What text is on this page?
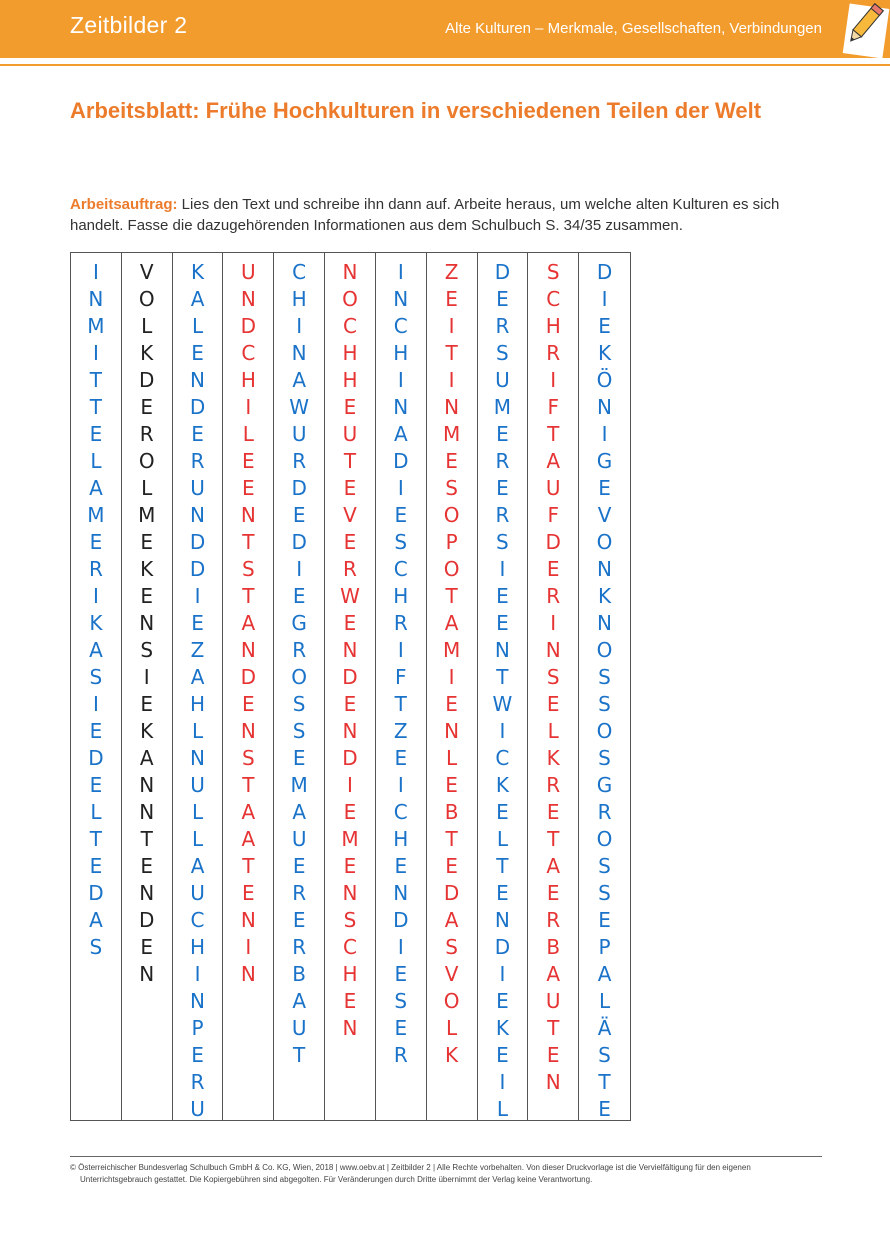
Zeitbilder 2	Alte Kulturen – Merkmale, Gesellschaften, Verbindungen
Arbeitsblatt: Frühe Hochkulturen in verschiedenen Teilen der Welt
Arbeitsauftrag: Lies den Text und schreibe ihn dann auf. Arbeite heraus, um welche alten Kulturen es sich handelt. Fasse die dazugehörenden Informationen aus dem Schulbuch S. 34/35 zusammen.
I
N
M
I
T
T
E
L
A
M
E
R
I
K
A
S
I
E
D
E
L
T
E
D
A
S
V
O
L
K
D
E
R
O
L
M
E
K
E
N
S
I
E
K
A
N
N
T
E
N
D
E
N
K
A
L
E
N
D
E
R
U
N
D
D
I
E
Z
A
H
L
N
U
L
L
A
U
C
H
I
N
P
E
R
U
U
N
D
C
H
I
L
E
E
N
T
S
T
A
N
D
E
N
S
T
A
A
T
E
N
I
N
C
H
I
N
A
W
U
R
D
E
D
I
E
G
R
O
S
S
E
M
A
U
E
R
E
R
B
A
U
T
N
O
C
H
H
E
U
T
E
V
E
R
W
E
N
D
E
N
D
I
E
M
E
N
S
C
H
E
N
I
N
C
H
I
N
A
D
I
E
S
C
H
R
I
F
T
Z
E
I
C
H
E
N
D
I
E
S
E
R
Z
E
I
T
I
N
M
E
S
O
P
O
T
A
M
I
E
N
L
E
B
T
E
D
A
S
V
O
L
K
D
E
R
S
U
M
E
R
E
R
S
I
E
E
N
T
W
I
C
K
E
L
T
E
N
D
I
E
K
E
I
L
S
C
H
R
I
F
T
A
U
F
D
E
R
I
N
S
E
L
K
R
E
T
A
E
R
B
A
U
T
E
N
D
I
E
K
Ö
N
I
G
E
V
O
N
K
N
O
S
S
O
S
G
R
O
S
S
E
P
A
L
Ä
S
T
E
© Österreichischer Bundesverlag Schulbuch GmbH & Co. KG, Wien, 2018 | www.oebv.at | Zeitbilder 2 | Alle Rechte vorbehalten. Von dieser Druckvorlage ist die Vervielfältigung für den eigenen
Unterrichtsgebrauch gestattet. Die Kopiergebühren sind abgegolten. Für Veränderungen durch Dritte übernimmt der Verlag keine Verantwortung.
